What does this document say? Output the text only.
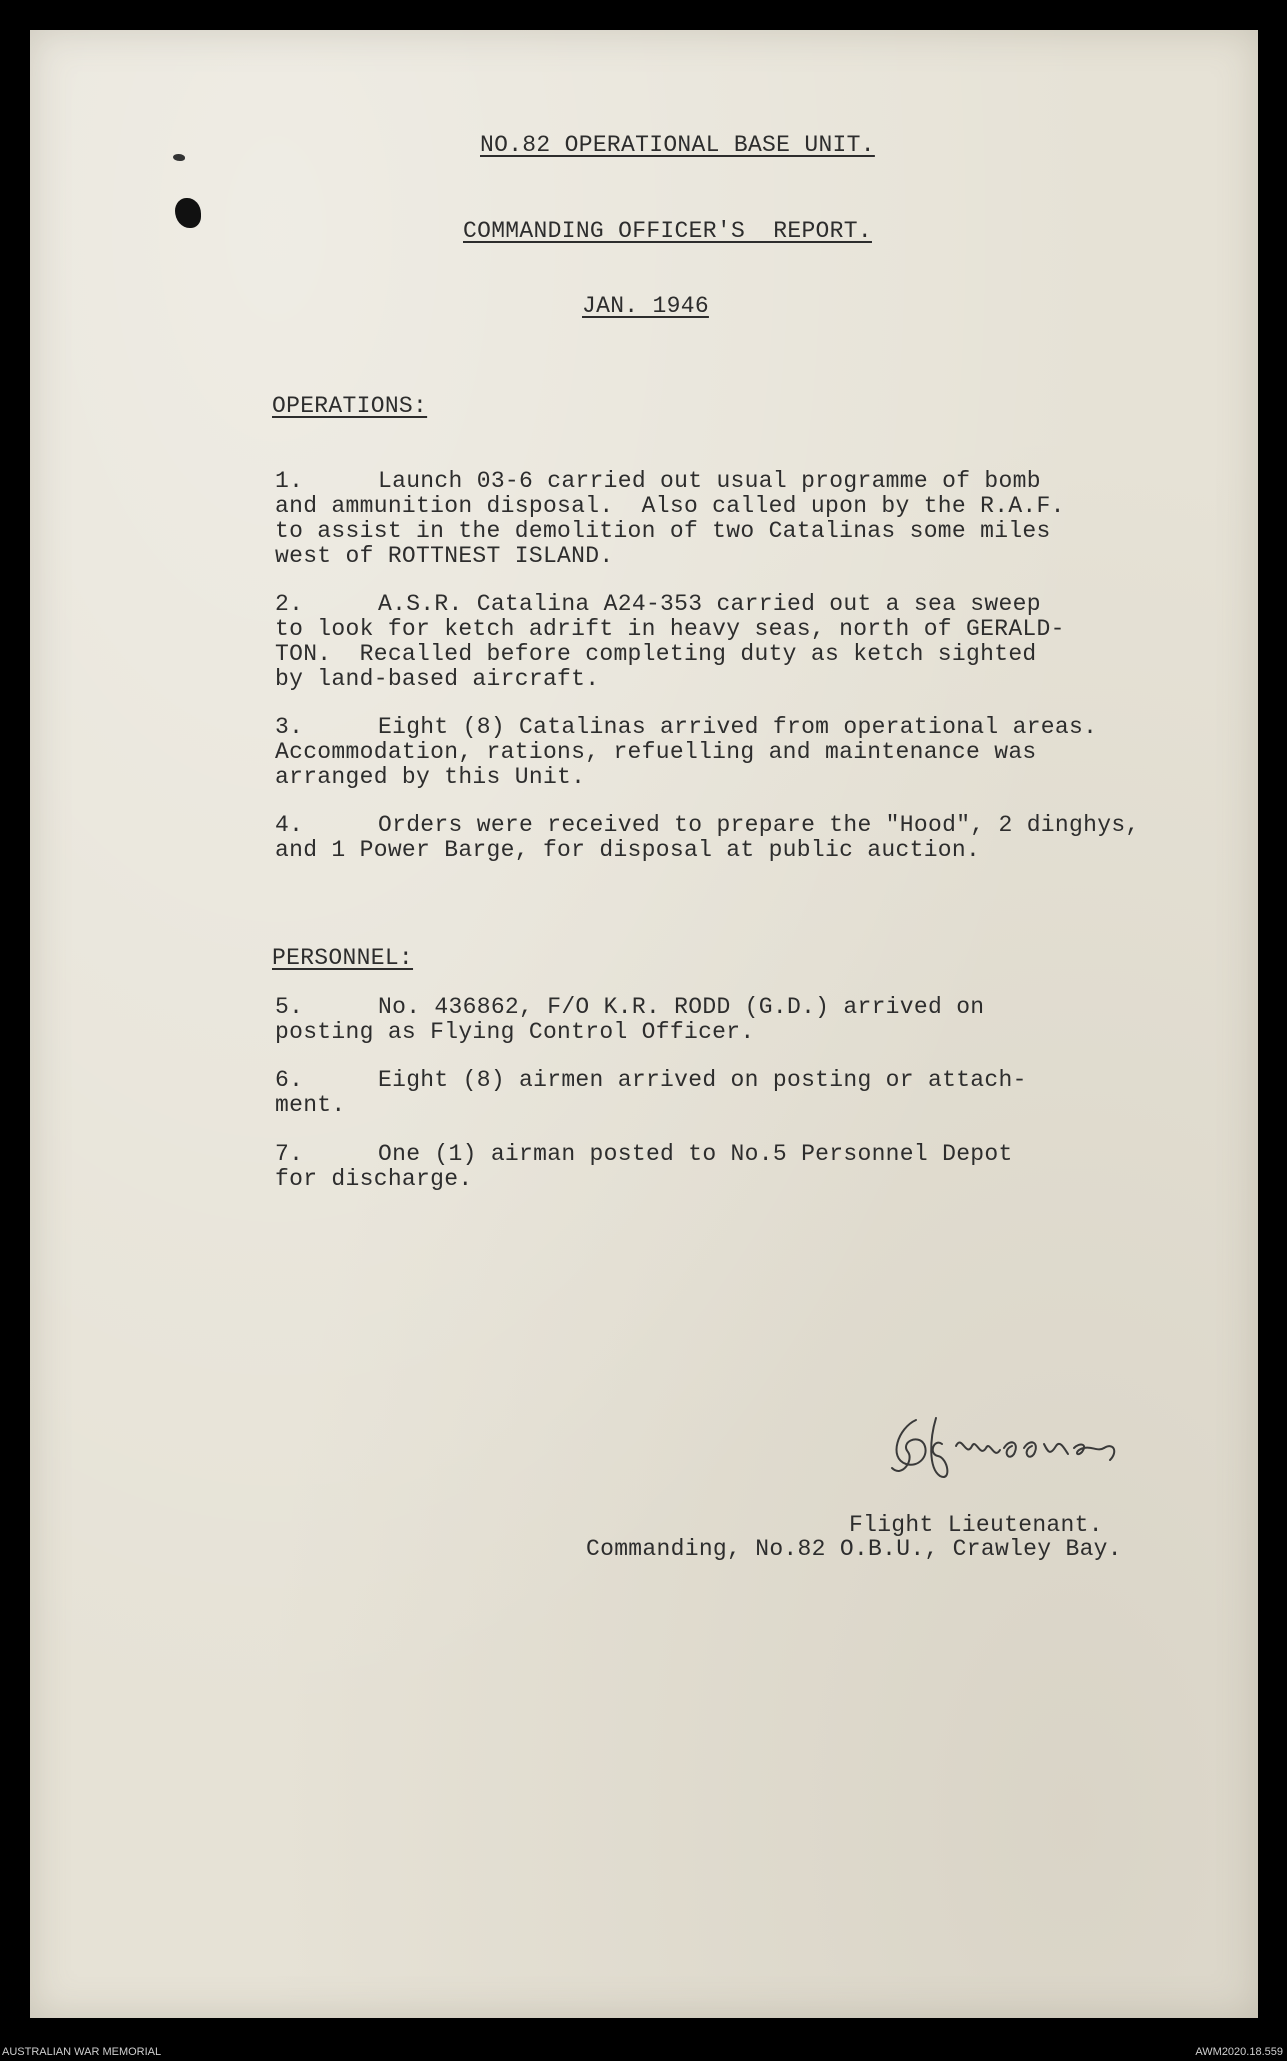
NO.82 OPERATIONAL BASE UNIT.
COMMANDING OFFICER'S  REPORT.
JAN. 1946
OPERATIONS:
1.	Launch 03-6 carried out usual programme of bomb
and ammunition disposal.  Also called upon by the R.A.F.
to assist in the demolition of two Catalinas some miles
west of ROTTNEST ISLAND.
2.	A.S.R. Catalina A24-353 carried out a sea sweep
to look for ketch adrift in heavy seas, north of GERALD-
TON.  Recalled before completing duty as ketch sighted
by land-based aircraft.
3.	Eight (8) Catalinas arrived from operational areas.
Accommodation, rations, refuelling and maintenance was
arranged by this Unit.
4.	Orders were received to prepare the "Hood", 2 dinghys,
and 1 Power Barge, for disposal at public auction.
PERSONNEL:
5.	No. 436862, F/O K.R. RODD (G.D.) arrived on
posting as Flying Control Officer.
6.	Eight (8) airmen arrived on posting or attach-
ment.
7.	One (1) airman posted to No.5 Personnel Depot
for discharge.
Flight Lieutenant.
Commanding, No.82 O.B.U., Crawley Bay.
AUSTRALIAN WAR MEMORIAL	AWM2020.18.559
